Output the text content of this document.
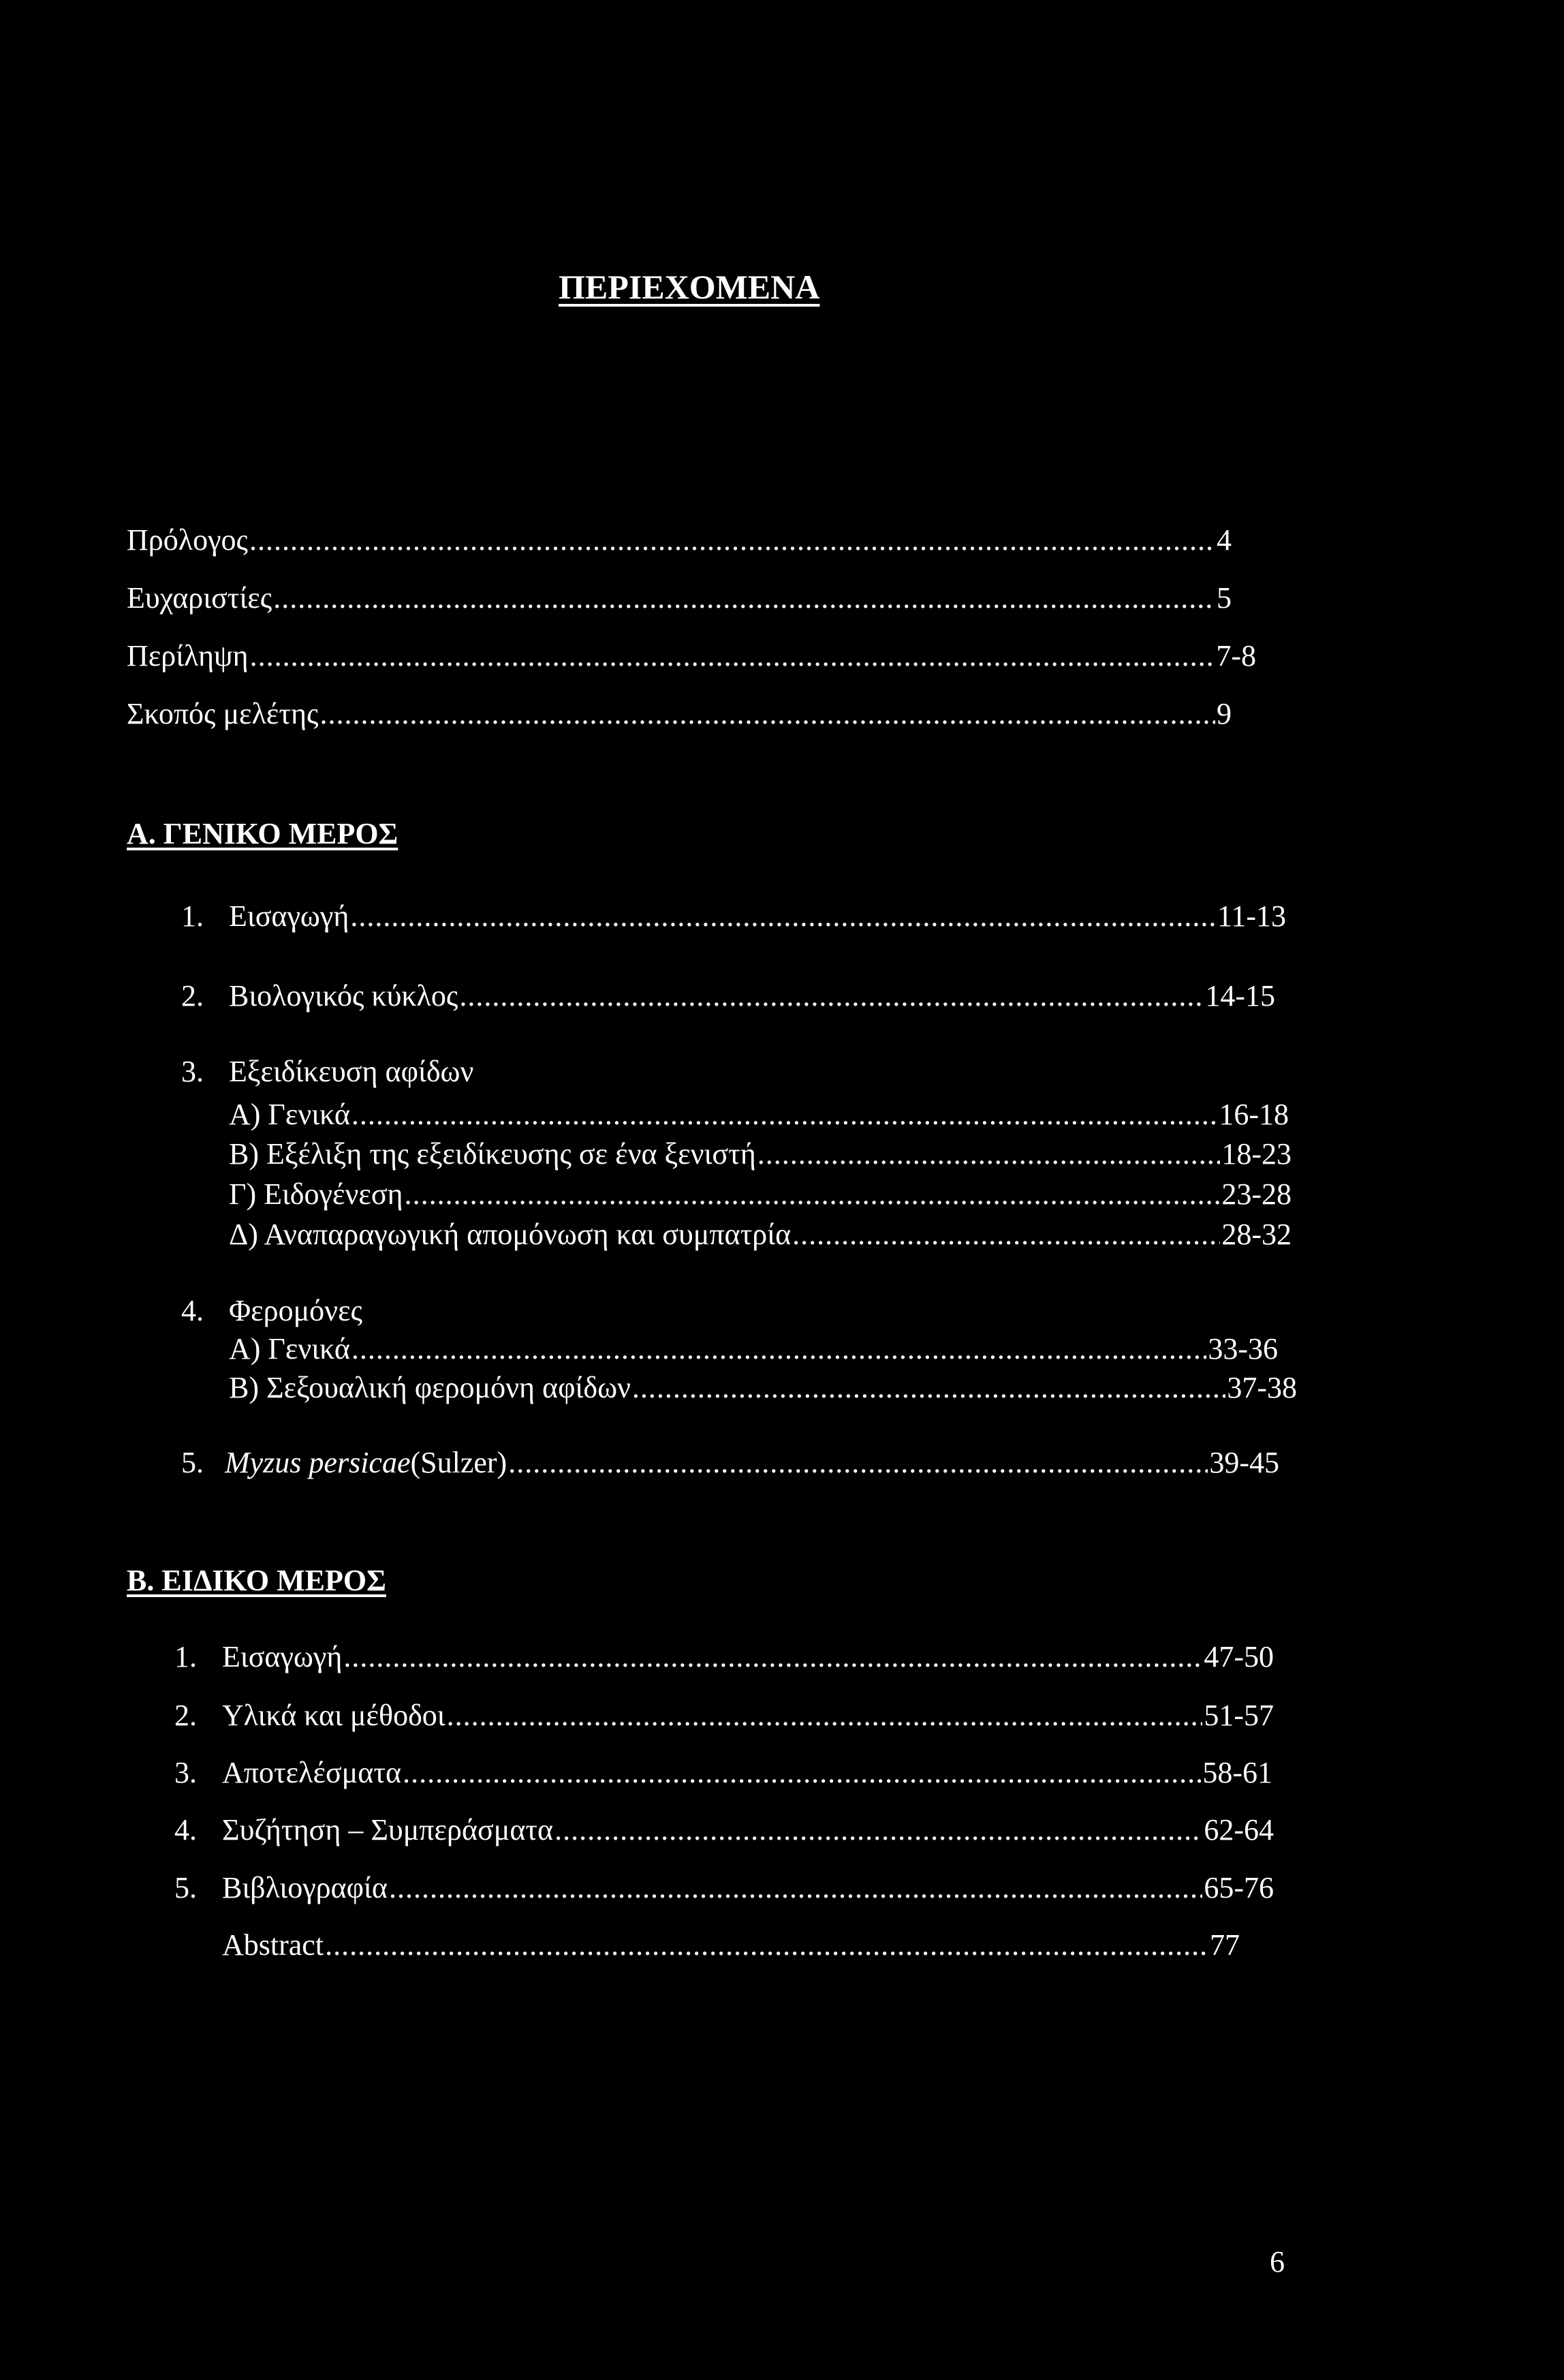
ΠΕΡΙΕΧΟΜΕΝΑ
Πρόλογος .....	4
Ευχαριστίες .....	5
Περίληψη .....	7-8
Σκοπός μελέτης .....	9
Α. ΓΕΝΙΚΟ ΜΕΡΟΣ
1. Εισαγωγή .....	11-13
2. Βιολογικός κύκλος .....	14-15
3. Εξειδίκευση αφίδων
Α) Γενικά .....	16-18
Β) Εξέλιξη της εξειδίκευσης σε ένα ξενιστή .....	18-23
Γ) Ειδογένεση .....	23-28
Δ) Αναπαραγωγική απομόνωση και συμπατρία .....	28-32
4. Φερομόνες
Α) Γενικά .....	33-36
Β) Σεξουαλική φερομόνη αφίδων .....	37-38
5. Myzus persicae (Sulzer) .....	39-45
Β. ΕΙΔΙΚΟ ΜΕΡΟΣ
1. Εισαγωγή .....	47-50
2. Υλικά και μέθοδοι .....	51-57
3. Αποτελέσματα .....	58-61
4. Συζήτηση – Συμπεράσματα .....	62-64
5. Βιβλιογραφία .....	65-76
Abstract .....	77
6
